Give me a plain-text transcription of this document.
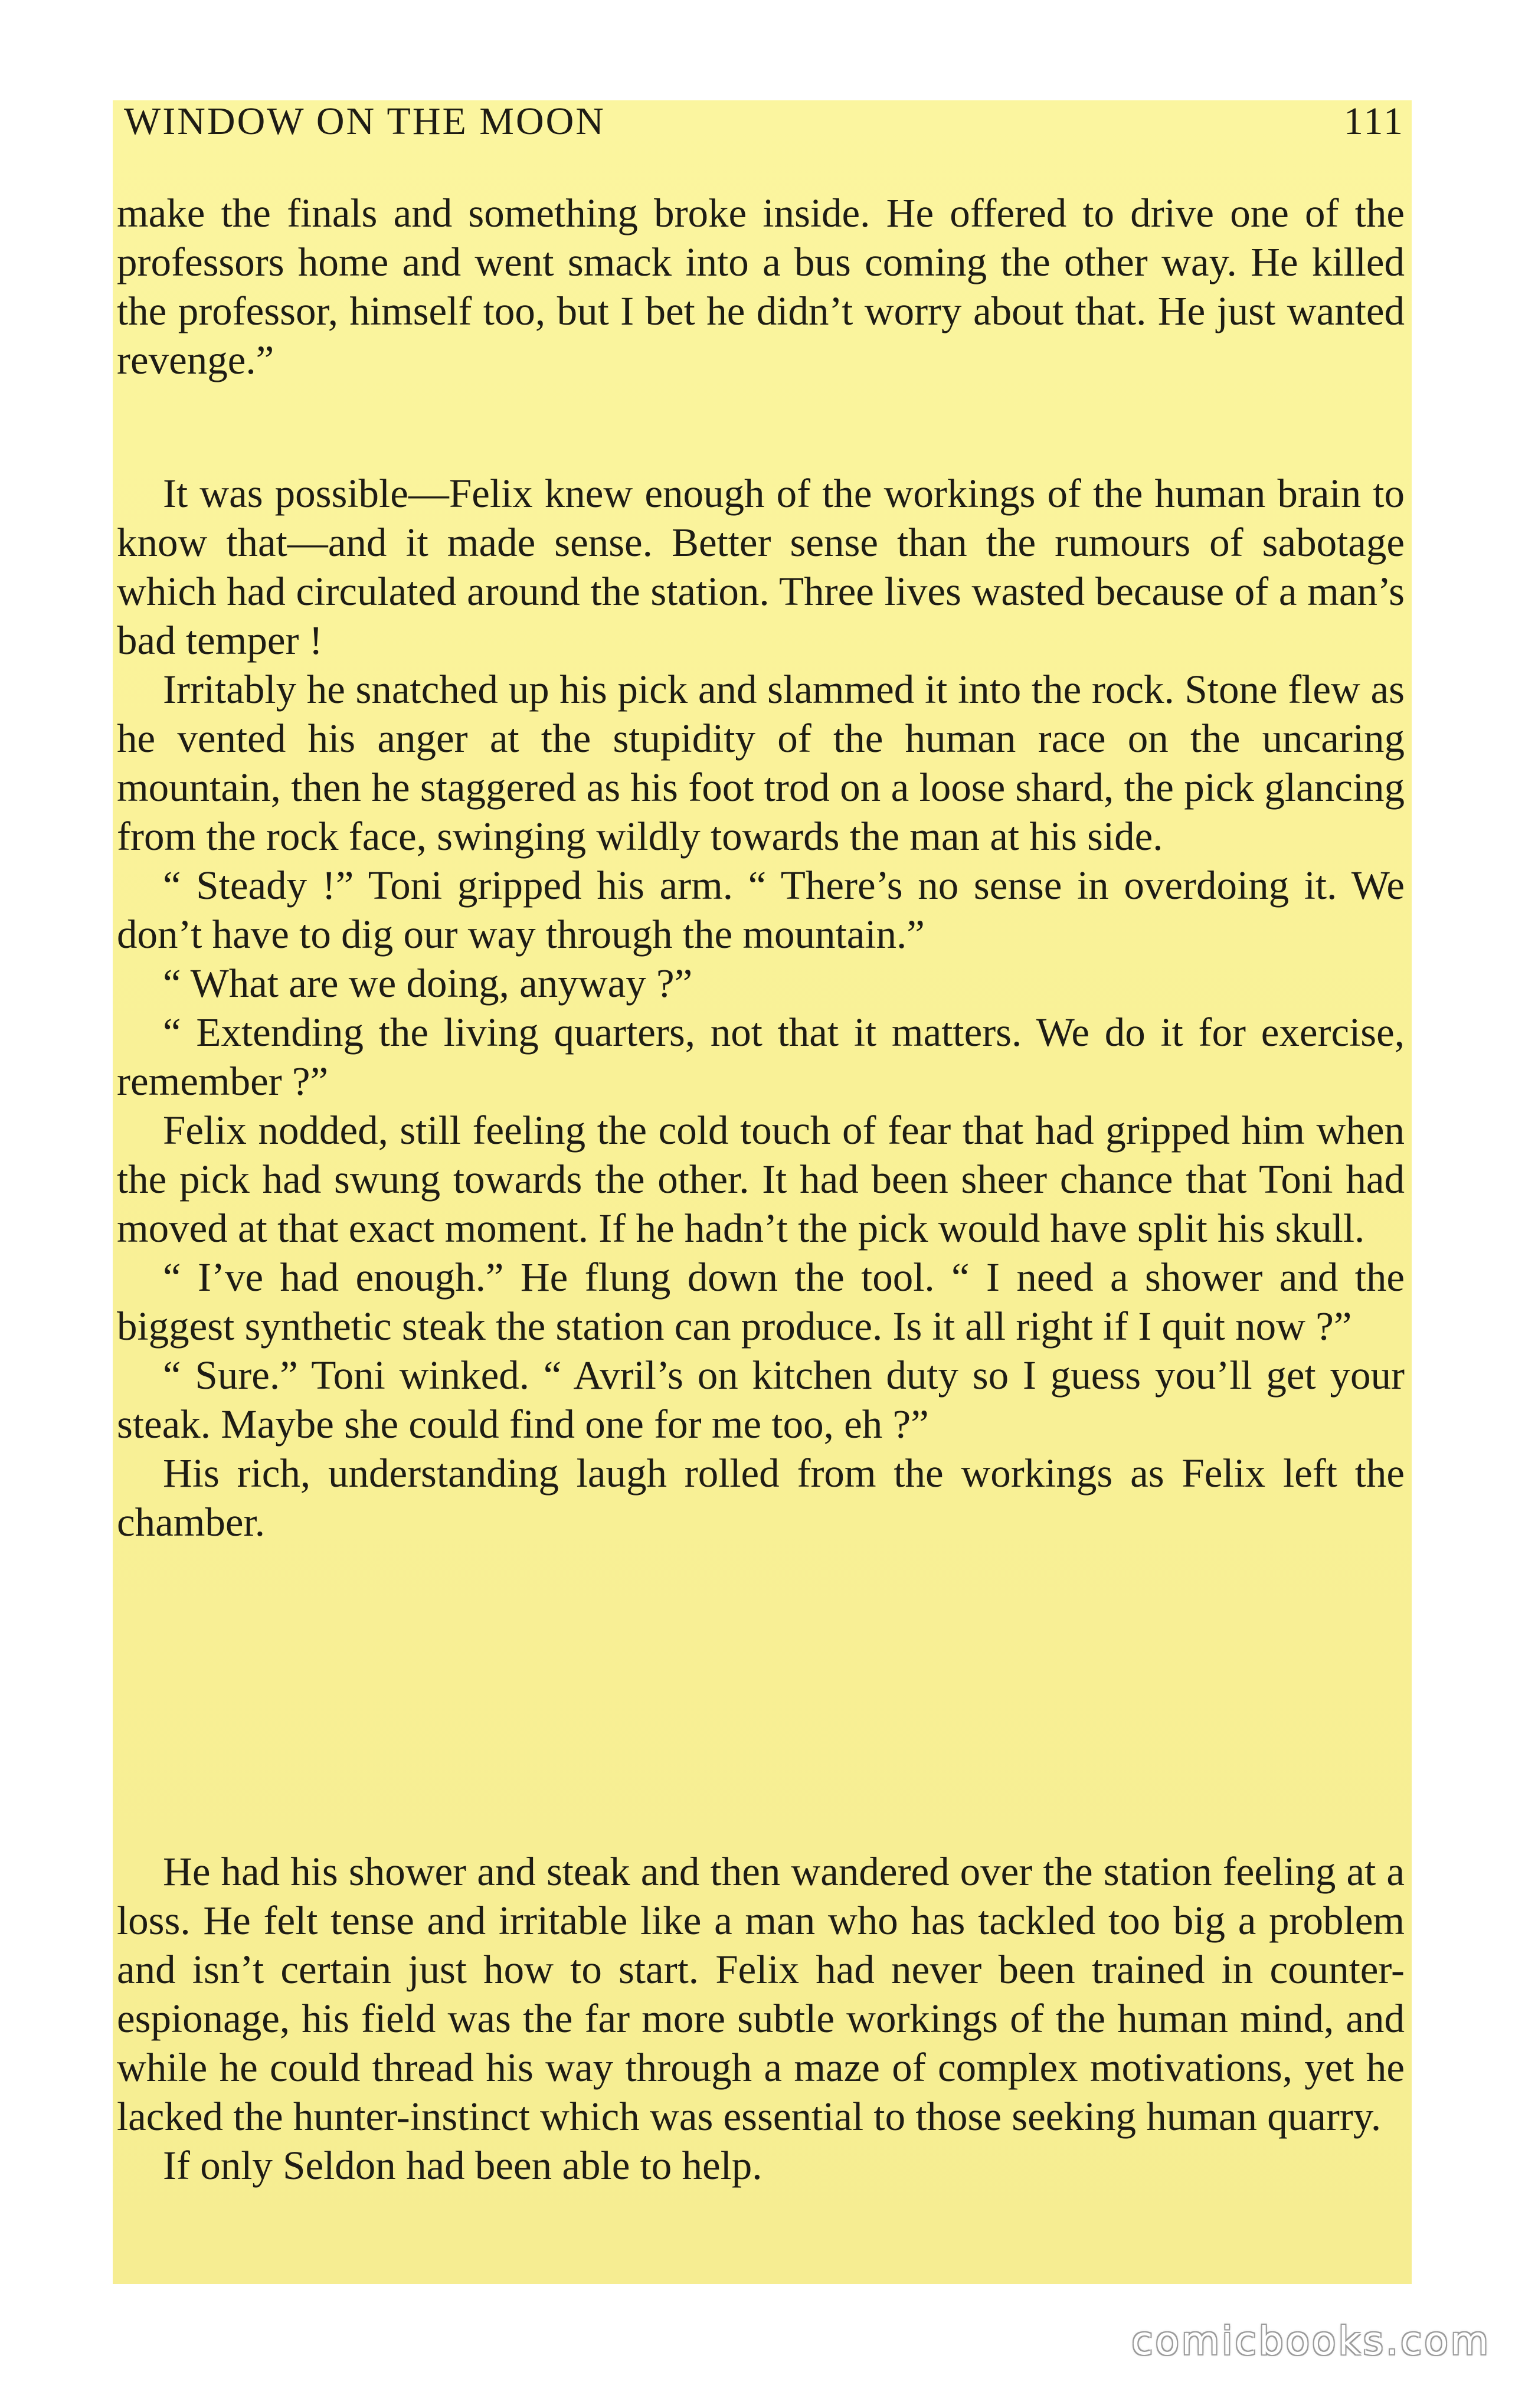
WINDOW ON THE MOON	111

make the finals and something broke inside. He offered to drive one of the professors home and went smack into a bus coming the other way. He killed the professor, himself too, but I bet he didn’t worry about that. He just wanted revenge.”

It was possible—Felix knew enough of the workings of the human brain to know that—and it made sense. Better sense than the rumours of sabotage which had circulated around the station. Three lives wasted because of a man’s bad temper !

Irritably he snatched up his pick and slammed it into the rock. Stone flew as he vented his anger at the stupidity of the human race on the uncaring mountain, then he staggered as his foot trod on a loose shard, the pick glancing from the rock face, swinging wildly towards the man at his side.

“ Steady !” Toni gripped his arm. “ There’s no sense in overdoing it. We don’t have to dig our way through the mountain.”

“ What are we doing, anyway ?”

“ Extending the living quarters, not that it matters. We do it for exercise, remember ?”

Felix nodded, still feeling the cold touch of fear that had gripped him when the pick had swung towards the other. It had been sheer chance that Toni had moved at that exact moment. If he hadn’t the pick would have split his skull.

“ I’ve had enough.” He flung down the tool. “ I need a shower and the biggest synthetic steak the station can produce. Is it all right if I quit now ?”

“ Sure.” Toni winked. “ Avril’s on kitchen duty so I guess you’ll get your steak. Maybe she could find one for me too, eh ?”

His rich, understanding laugh rolled from the workings as Felix left the chamber.

He had his shower and steak and then wandered over the station feeling at a loss. He felt tense and irritable like a man who has tackled too big a problem and isn’t certain just how to start. Felix had never been trained in counter-espionage, his field was the far more subtle workings of the human mind, and while he could thread his way through a maze of complex motivations, yet he lacked the hunter-instinct which was essential to those seeking human quarry.

If only Seldon had been able to help.

comicbooks.com
